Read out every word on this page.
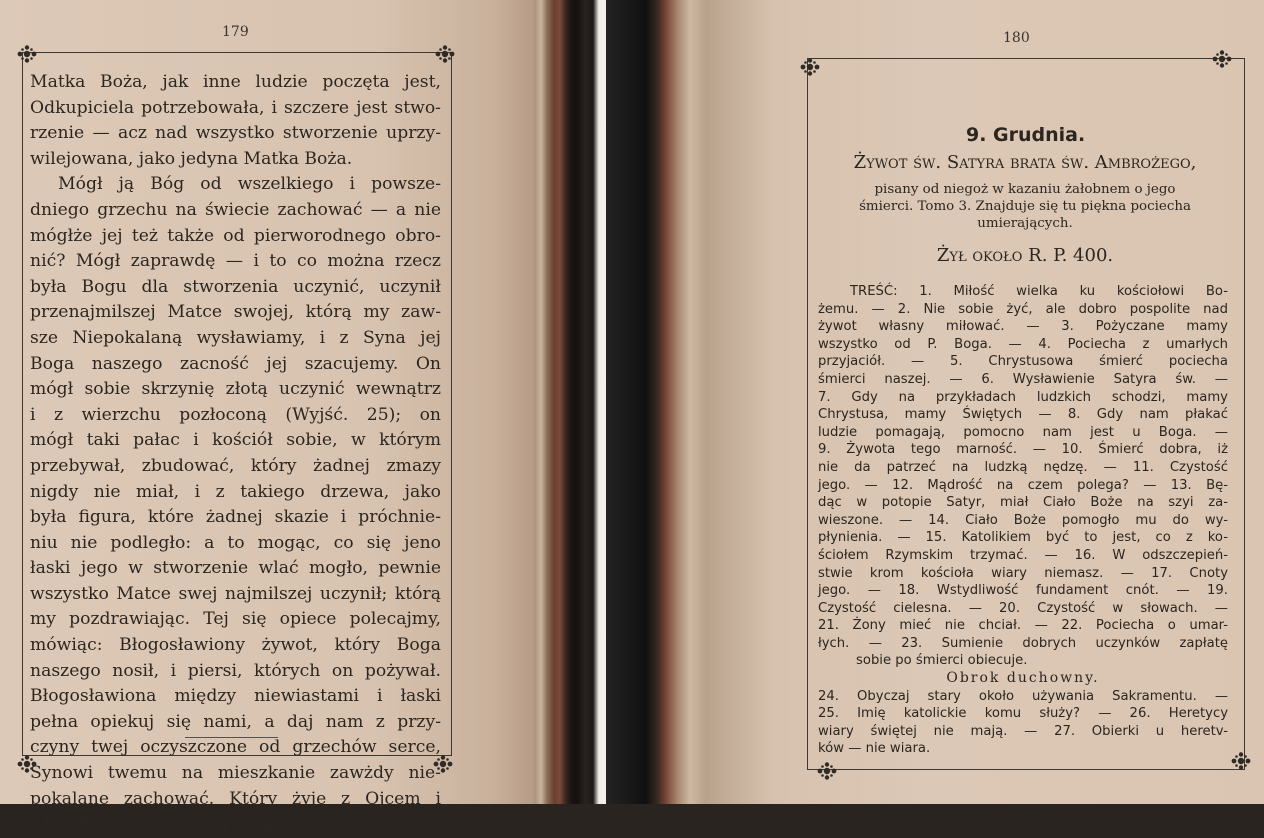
179
Matka Boża, jak inne ludzie poczęta jest,
Odkupiciela potrzebowała, i szczere jest stwo-
rzenie — acz nad wszystko stworzenie uprzy-
wilejowana, jako jedyna Matka Boża.
Mógł ją Bóg od wszelkiego i powsze-
dniego grzechu na świecie zachować — a nie
mógłże jej też także od pierworodnego obro-
nić? Mógł zaprawdę — i to co można rzecz
była Bogu dla stworzenia uczynić, uczynił
przenajmilszej Matce swojej, którą my zaw-
sze Niepokalaną wysławiamy, i z Syna jej
Boga naszego zacność jej szacujemy. On
mógł sobie skrzynię złotą uczynić wewnątrz
i z wierzchu pozłoconą (Wyjść. 25); on
mógł taki pałac i kościół sobie, w którym
przebywał, zbudować, który żadnej zmazy
nigdy nie miał, i z takiego drzewa, jako
była figura, które żadnej skazie i próchnie-
niu nie podległo: a to mogąc, co się jeno
łaski jego w stworzenie wlać mogło, pewnie
wszystko Matce swej najmilszej uczynił; którą
my pozdrawiając. Tej się opiece polecajmy,
mówiąc: Błogosławiony żywot, który Boga
naszego nosił, i piersi, których on pożywał.
Błogosławiona między niewiastami i łaski
pełna opiekuj się nami, a daj nam z przy-
czyny twej oczyszczone od grzechów serce,
Synowi twemu na mieszkanie zawżdy nie-
pokalane zachować. Który żyje z Ojcem i
z Duchem św. na wieki wieków, Amen.
180
9. Grudnia.
Żywot św. Satyra brata św. Ambrożego,
pisany od niegoż w kazaniu żałobnem o jego
śmierci. Tomo 3. Znajduje się tu piękna pociecha
umierających.
Żył około R. P. 400.
TREŚĆ: 1. Miłość wielka ku kościołowi Bo-
żemu. — 2. Nie sobie żyć, ale dobro pospolite nad
żywot własny miłować. — 3. Pożyczane mamy
wszystko od P. Boga. — 4. Pociecha z umarłych
przyjaciół. — 5. Chrystusowa śmierć pociecha
śmierci naszej. — 6. Wysławienie Satyra św. —
7. Gdy na przykładach ludzkich schodzi, mamy
Chrystusa, mamy Świętych — 8. Gdy nam płakać
ludzie pomagają, pomocno nam jest u Boga. —
9. Żywota tego marność. — 10. Śmierć dobra, iż
nie da patrzeć na ludzką nędzę. — 11. Czystość
jego. — 12. Mądrość na czem polega? — 13. Bę-
dąc w potopie Satyr, miał Ciało Boże na szyi za-
wieszone. — 14. Ciało Boże pomogło mu do wy-
płynienia. — 15. Katolikiem być to jest, co z ko-
ściołem Rzymskim trzymać. — 16. W odszczepień-
stwie krom kościoła wiary niemasz. — 17. Cnoty
jego. — 18. Wstydliwość fundament cnót. — 19.
Czystość cielesna. — 20. Czystość w słowach. —
21. Żony mieć nie chciał. — 22. Pociecha o umar-
łych. — 23. Sumienie dobrych uczynków zapłatę
sobie po śmierci obiecuje.
Obrok duchowny.
24. Obyczaj stary około używania Sakramentu. —
25. Imię katolickie komu służy? — 26. Heretycy
wiary świętej nie mają. — 27. Obierki u heretv-
ków — nie wiara.
